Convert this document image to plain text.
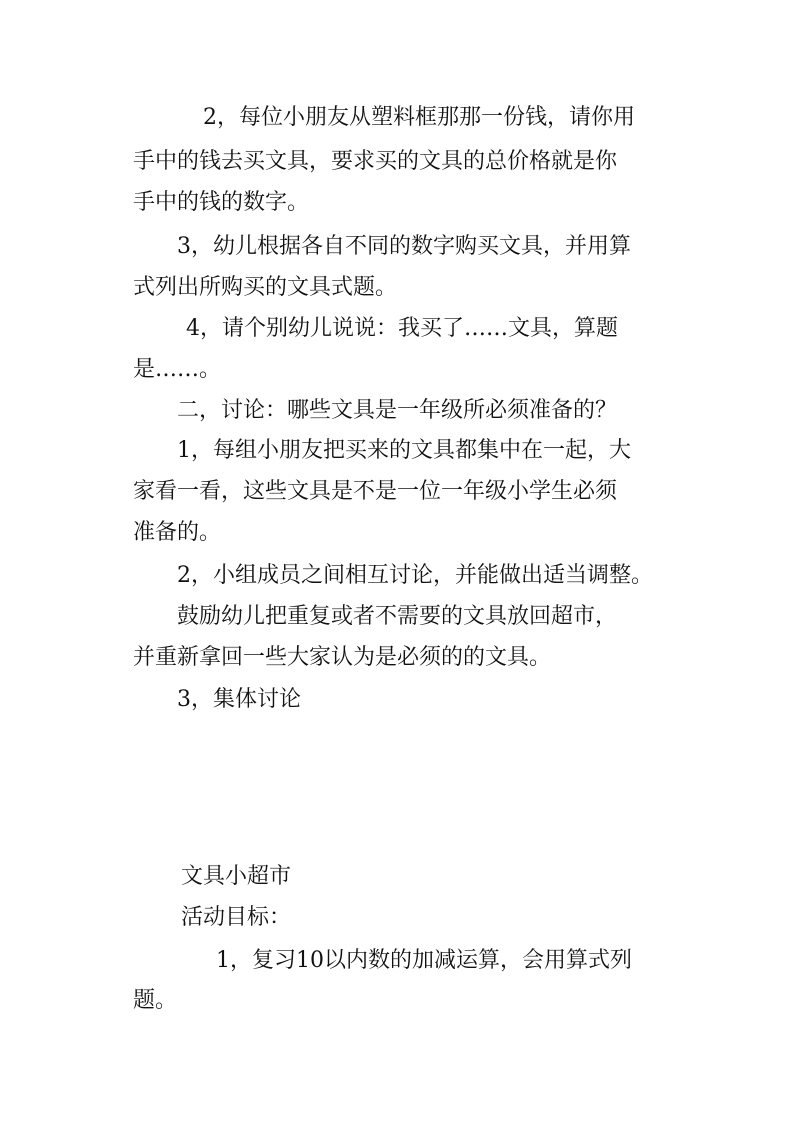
2，每位小朋友从塑料框那那一份钱，请你用
手中的钱去买文具，要求买的文具的总价格就是你
手中的钱的数字。
3，幼儿根据各自不同的数字购买文具，并用算
式列出所购买的文具式题。
4，请个别幼儿说说：我买了……文具，算题
是……。
二，讨论：哪些文具是一年级所必须准备的？
1，每组小朋友把买来的文具都集中在一起，大
家看一看，这些文具是不是一位一年级小学生必须
准备的。
2，小组成员之间相互讨论，并能做出适当调整。
鼓励幼儿把重复或者不需要的文具放回超市，
并重新拿回一些大家认为是必须的的文具。
3，集体讨论
文具小超市
活动目标：
1，复习10以内数的加减运算，会用算式列
题。
